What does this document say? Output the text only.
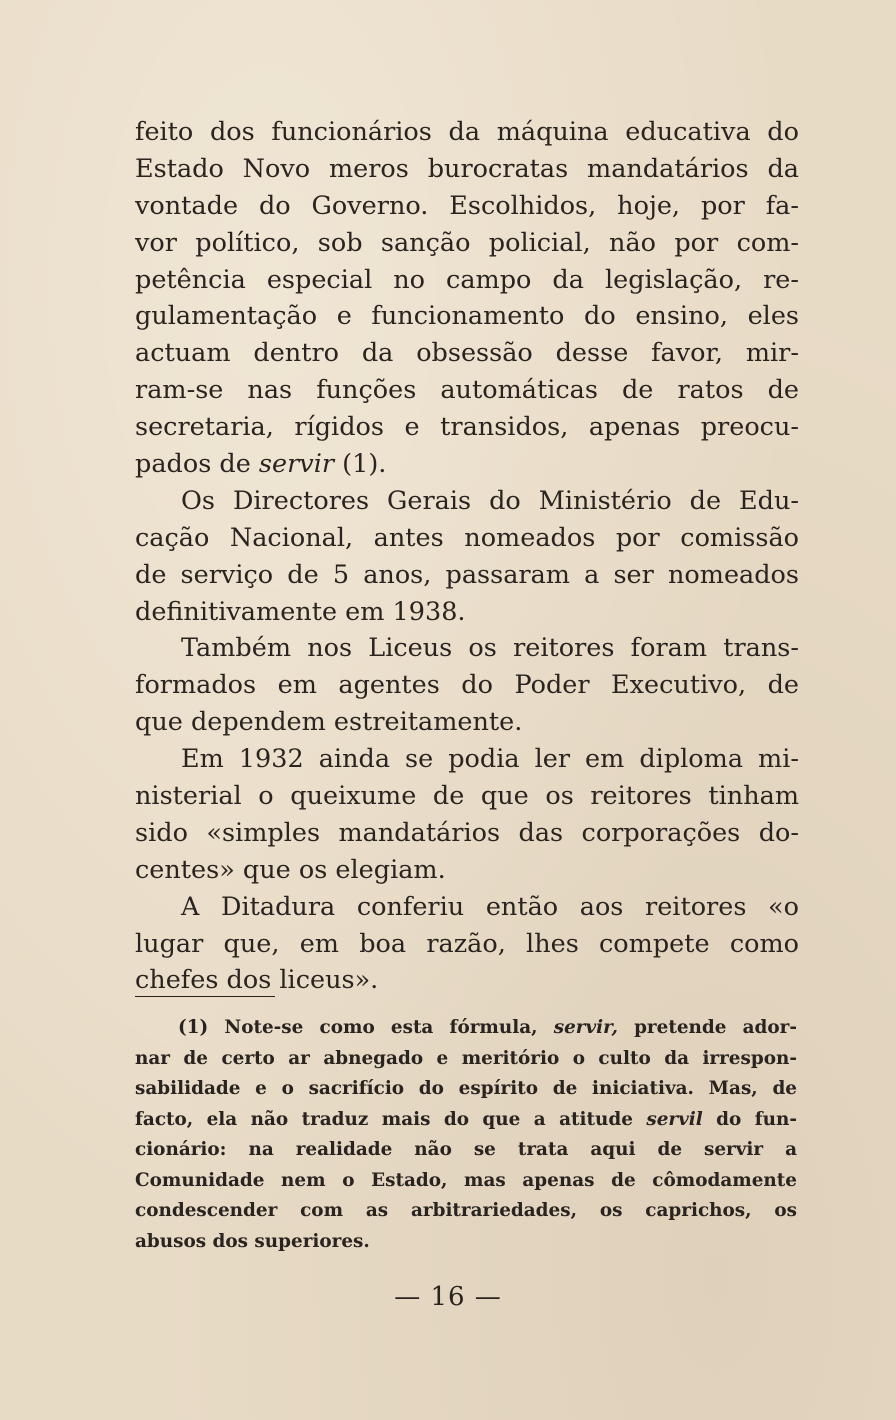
feito dos funcionários da máquina educativa do
Estado Novo meros burocratas mandatários da
vontade do Governo. Escolhidos, hoje, por fa-
vor político, sob sanção policial, não por com-
petência especial no campo da legislação, re-
gulamentação e funcionamento do ensino, eles
actuam dentro da obsessão desse favor, mir-
ram-se nas funções automáticas de ratos de
secretaria, rígidos e transidos, apenas preocu-
pados de servir (1).
Os Directores Gerais do Ministério de Edu-
cação Nacional, antes nomeados por comissão
de serviço de 5 anos, passaram a ser nomeados
definitivamente em 1938.
Também nos Liceus os reitores foram trans-
formados em agentes do Poder Executivo, de
que dependem estreitamente.
Em 1932 ainda se podia ler em diploma mi-
nisterial o queixume de que os reitores tinham
sido «simples mandatários das corporações do-
centes» que os elegiam.
A Ditadura conferiu então aos reitores «o
lugar que, em boa razão, lhes compete como
chefes dos liceus».
(1) Note-se como esta fórmula, servir, pretende ador-
nar de certo ar abnegado e meritório o culto da irrespon-
sabilidade e o sacrifício do espírito de iniciativa. Mas, de
facto, ela não traduz mais do que a atitude servil do fun-
cionário: na realidade não se trata aqui de servir a
Comunidade nem o Estado, mas apenas de cômodamente
condescender com as arbitrariedades, os caprichos, os
abusos dos superiores.
— 16 —
